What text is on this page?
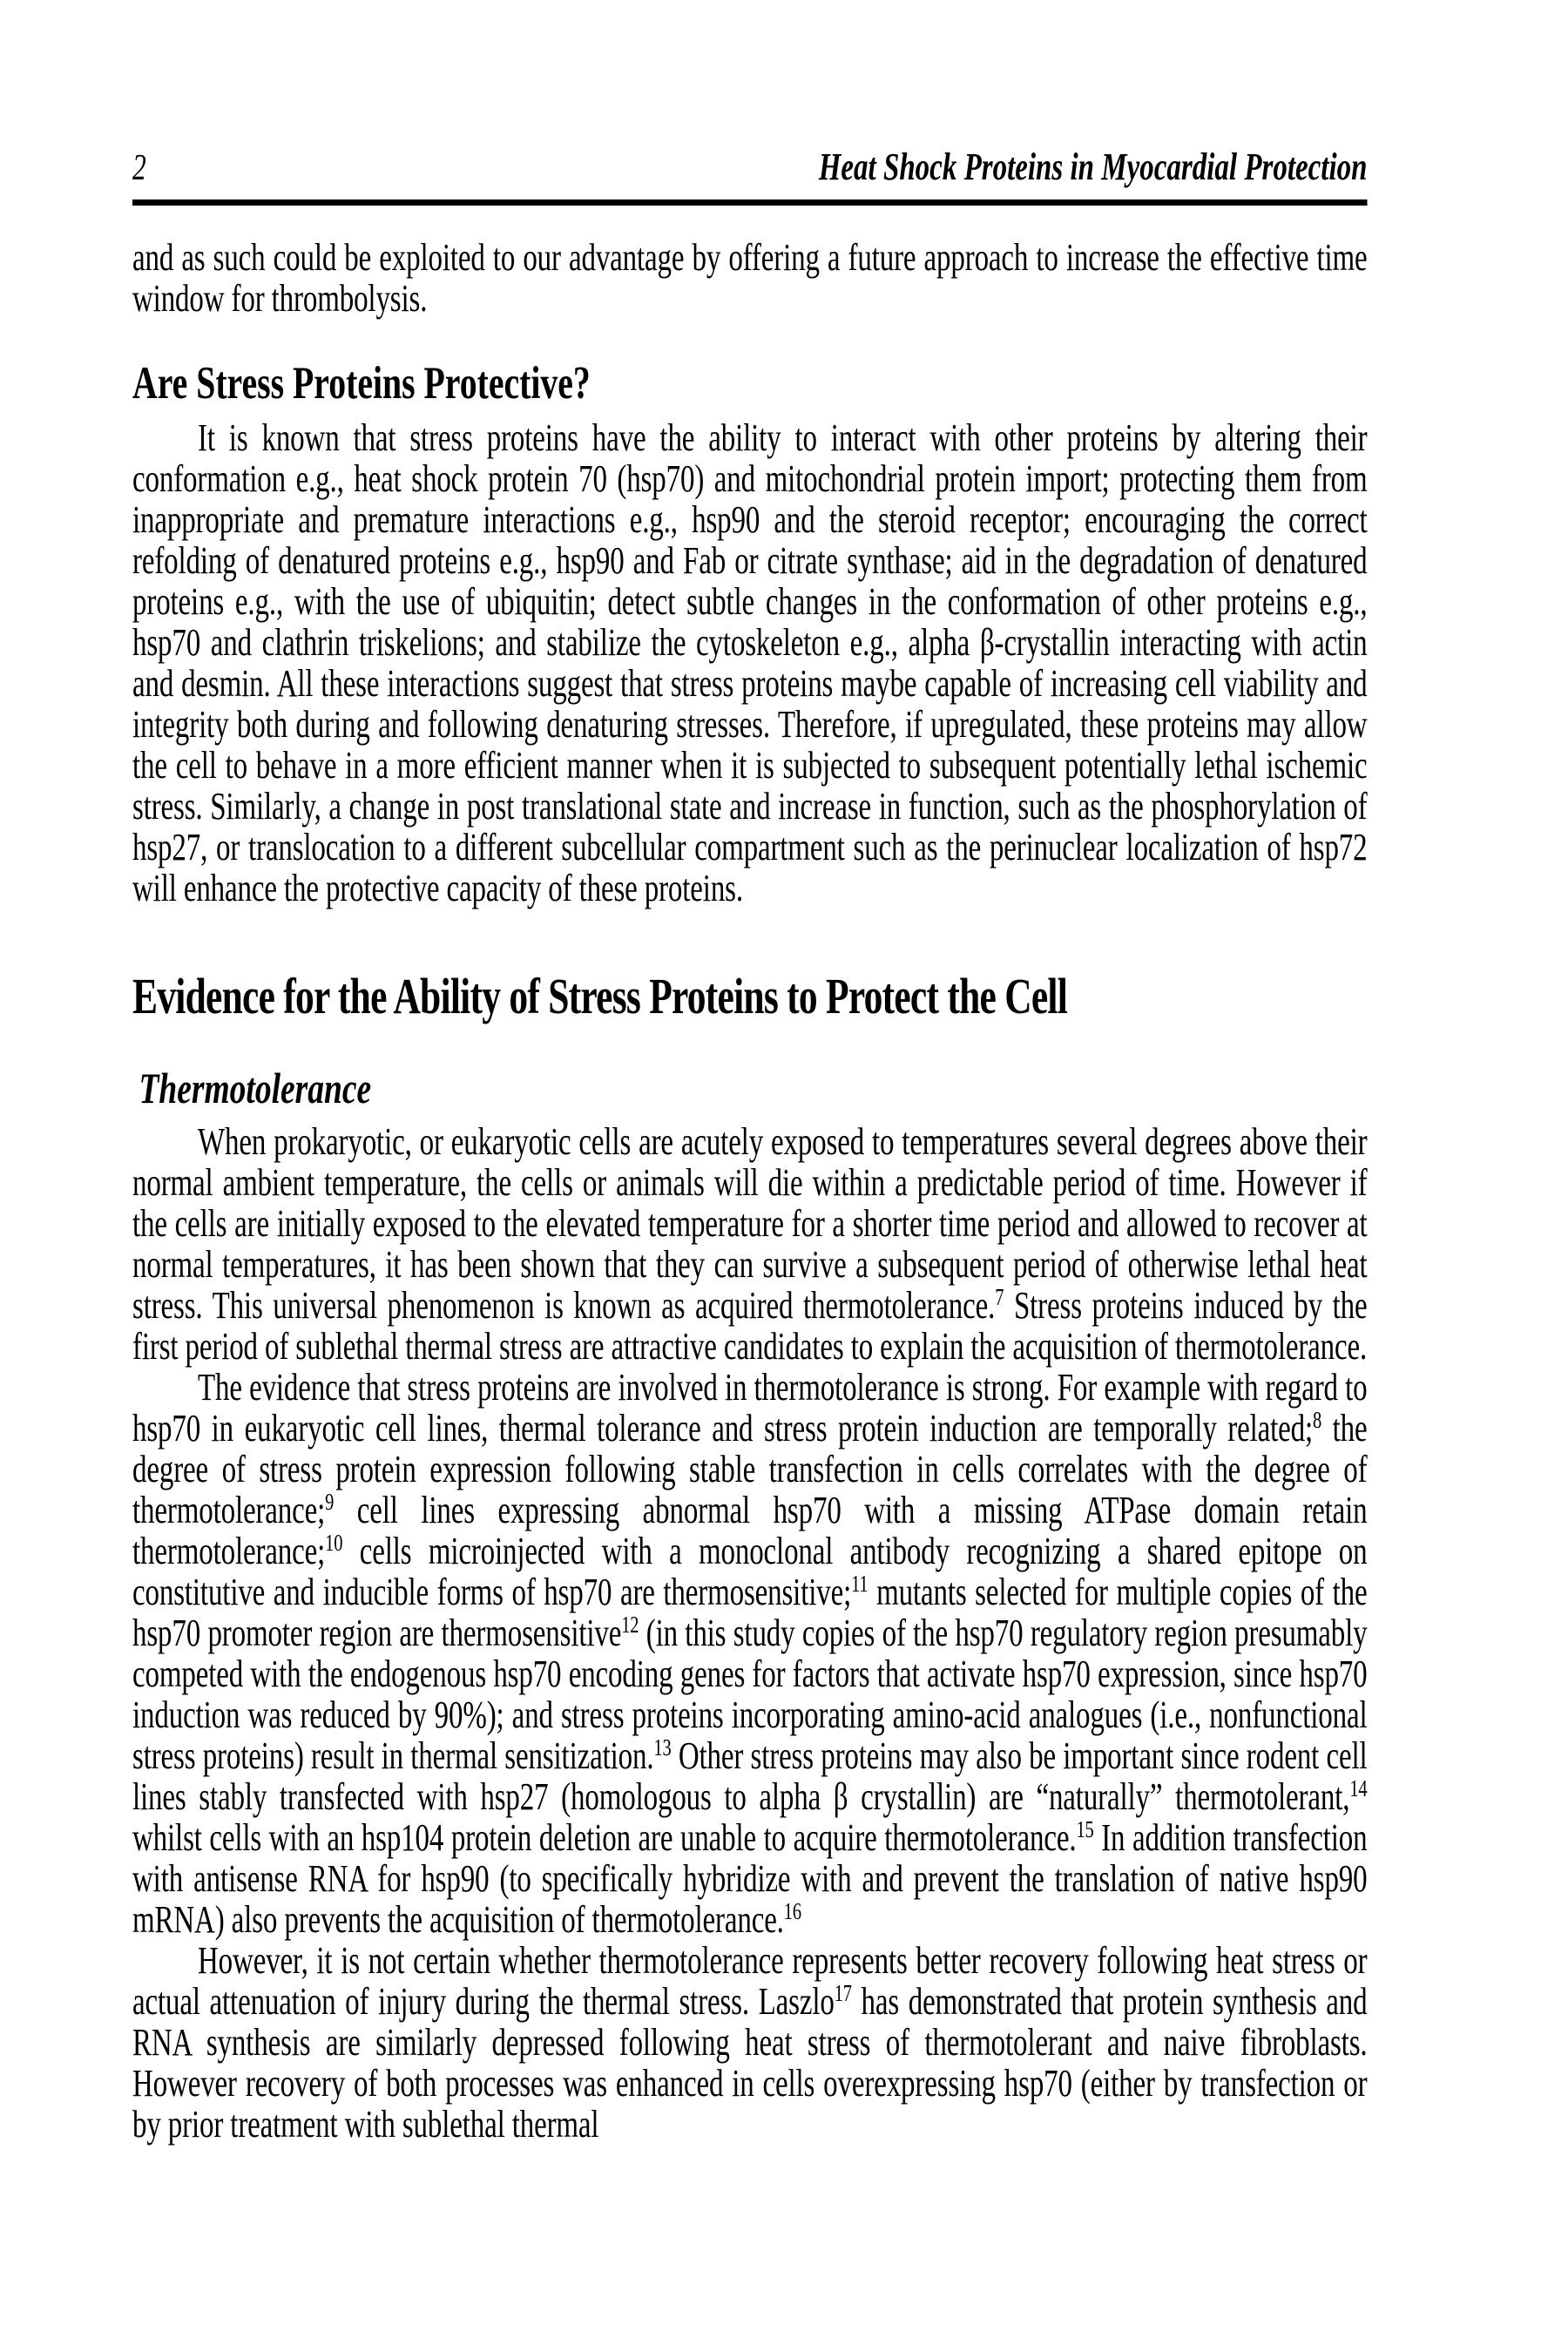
2	Heat Shock Proteins in Myocardial Protection

and as such could be exploited to our advantage by offering a future approach to increase the effective time window for thrombolysis.

Are Stress Proteins Protective?

It is known that stress proteins have the ability to interact with other proteins by altering their conformation e.g., heat shock protein 70 (hsp70) and mitochondrial protein import; protecting them from inappropriate and premature interactions e.g., hsp90 and the steroid receptor; encouraging the correct refolding of denatured proteins e.g., hsp90 and Fab or citrate synthase; aid in the degradation of denatured proteins e.g., with the use of ubiquitin; detect subtle changes in the conformation of other proteins e.g., hsp70 and clathrin triskelions; and stabilize the cytoskeleton e.g., alpha β-crystallin interacting with actin and desmin. All these interactions suggest that stress proteins maybe capable of increasing cell viability and integrity both during and following denaturing stresses. Therefore, if upregulated, these proteins may allow the cell to behave in a more efficient manner when it is subjected to subsequent potentially lethal ischemic stress. Similarly, a change in post translational state and increase in function, such as the phosphorylation of hsp27, or translocation to a different subcellular compartment such as the perinuclear localization of hsp72 will enhance the protective capacity of these proteins.

Evidence for the Ability of Stress Proteins to Protect the Cell
Thermotolerance

When prokaryotic, or eukaryotic cells are acutely exposed to temperatures several degrees above their normal ambient temperature, the cells or animals will die within a predictable period of time. However if the cells are initially exposed to the elevated temperature for a shorter time period and allowed to recover at normal temperatures, it has been shown that they can survive a subsequent period of otherwise lethal heat stress. This universal phenomenon is known as acquired thermotolerance.$^7$ Stress proteins induced by the first period of sublethal thermal stress are attractive candidates to explain the acquisition of thermotolerance.

The evidence that stress proteins are involved in thermotolerance is strong. For example with regard to hsp70 in eukaryotic cell lines, thermal tolerance and stress protein induction are temporally related;$^8$ the degree of stress protein expression following stable transfection in cells correlates with the degree of thermotolerance;$^9$ cell lines expressing abnormal hsp70 with a missing ATPase domain retain thermotolerance;$^{10}$ cells microinjected with a monoclonal antibody recognizing a shared epitope on constitutive and inducible forms of hsp70 are thermosensitive;$^{11}$ mutants selected for multiple copies of the hsp70 promoter region are thermosensitive$^{12}$ (in this study copies of the hsp70 regulatory region presumably competed with the endogenous hsp70 encoding genes for factors that activate hsp70 expression, since hsp70 induction was reduced by 90%); and stress proteins incorporating amino-acid analogues (i.e., nonfunctional stress proteins) result in thermal sensitization.$^{13}$ Other stress proteins may also be important since rodent cell lines stably transfected with hsp27 (homologous to alpha β crystallin) are “naturally” thermotolerant,$^{14}$ whilst cells with an hsp104 protein deletion are unable to acquire thermotolerance.$^{15}$ In addition transfection with antisense RNA for hsp90 (to specifically hybridize with and prevent the translation of native hsp90 mRNA) also prevents the acquisition of thermotolerance.$^{16}$

However, it is not certain whether thermotolerance represents better recovery following heat stress or actual attenuation of injury during the thermal stress. Laszlo$^{17}$ has demonstrated that protein synthesis and RNA synthesis are similarly depressed following heat stress of thermotolerant and naive fibroblasts. However recovery of both processes was enhanced in cells overexpressing hsp70 (either by transfection or by prior treatment with sublethal thermal
